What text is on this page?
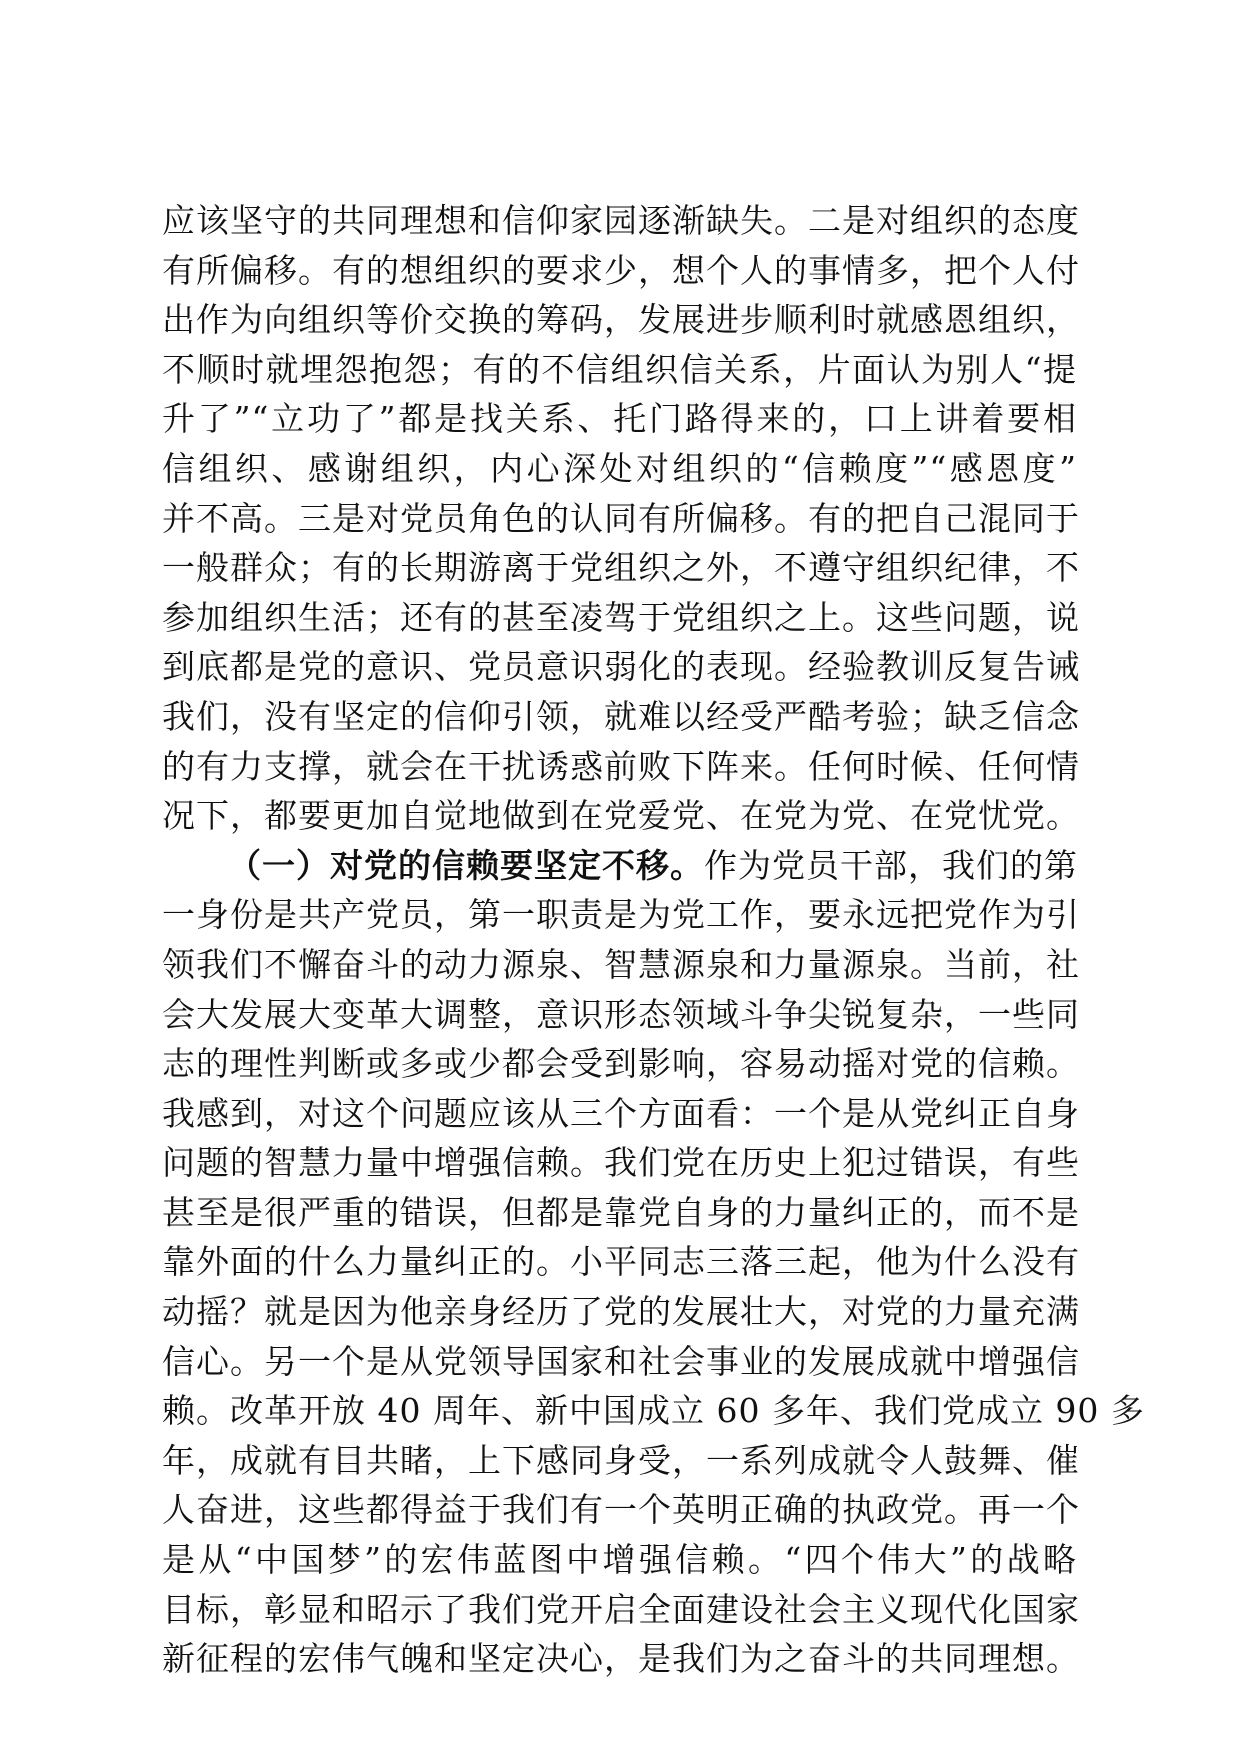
应该坚守的共同理想和信仰家园逐渐缺失。二是对组织的态度
有所偏移。有的想组织的要求少，想个人的事情多，把个人付
出作为向组织等价交换的筹码，发展进步顺利时就感恩组织，
不顺时就埋怨抱怨；有的不信组织信关系，片面认为别人“提
升了”“立功了”都是找关系、托门路得来的，口上讲着要相
信组织、感谢组织，内心深处对组织的“信赖度”“感恩度”
并不高。三是对党员角色的认同有所偏移。有的把自己混同于
一般群众；有的长期游离于党组织之外，不遵守组织纪律，不
参加组织生活；还有的甚至凌驾于党组织之上。这些问题，说
到底都是党的意识、党员意识弱化的表现。经验教训反复告诫
我们，没有坚定的信仰引领，就难以经受严酷考验；缺乏信念
的有力支撑，就会在干扰诱惑前败下阵来。任何时候、任何情
况下，都要更加自觉地做到在党爱党、在党为党、在党忧党。
（一）对党的信赖要坚定不移。作为党员干部，我们的第
一身份是共产党员，第一职责是为党工作，要永远把党作为引
领我们不懈奋斗的动力源泉、智慧源泉和力量源泉。当前，社
会大发展大变革大调整，意识形态领域斗争尖锐复杂，一些同
志的理性判断或多或少都会受到影响，容易动摇对党的信赖。
我感到，对这个问题应该从三个方面看：一个是从党纠正自身
问题的智慧力量中增强信赖。我们党在历史上犯过错误，有些
甚至是很严重的错误，但都是靠党自身的力量纠正的，而不是
靠外面的什么力量纠正的。小平同志三落三起，他为什么没有
动摇？就是因为他亲身经历了党的发展壮大，对党的力量充满
信心。另一个是从党领导国家和社会事业的发展成就中增强信
赖。改革开放 40 周年、新中国成立 60 多年、我们党成立 90 多
年，成就有目共睹，上下感同身受，一系列成就令人鼓舞、催
人奋进，这些都得益于我们有一个英明正确的执政党。再一个
是从“中国梦”的宏伟蓝图中增强信赖。“四个伟大”的战略
目标，彰显和昭示了我们党开启全面建设社会主义现代化国家
新征程的宏伟气魄和坚定决心，是我们为之奋斗的共同理想。
